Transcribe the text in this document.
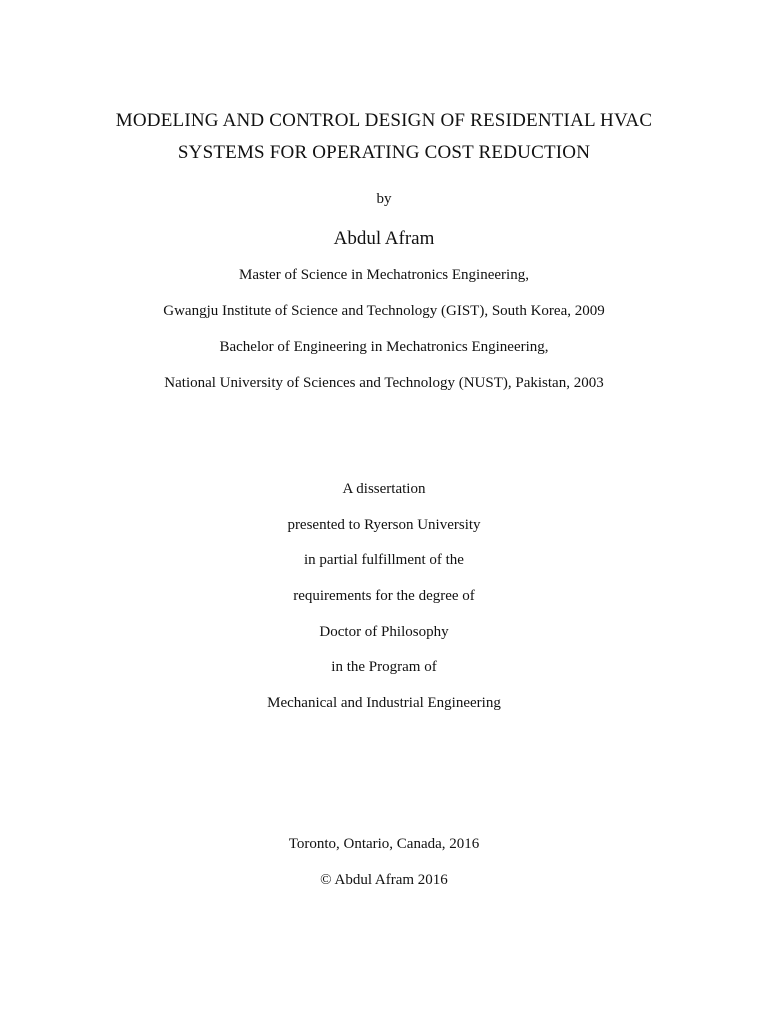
MODELING AND CONTROL DESIGN OF RESIDENTIAL HVAC
SYSTEMS FOR OPERATING COST REDUCTION
by
Abdul Afram
Master of Science in Mechatronics Engineering,
Gwangju Institute of Science and Technology (GIST), South Korea, 2009
Bachelor of Engineering in Mechatronics Engineering,
National University of Sciences and Technology (NUST), Pakistan, 2003
A dissertation
presented to Ryerson University
in partial fulfillment of the
requirements for the degree of
Doctor of Philosophy
in the Program of
Mechanical and Industrial Engineering
Toronto, Ontario, Canada, 2016
© Abdul Afram 2016
